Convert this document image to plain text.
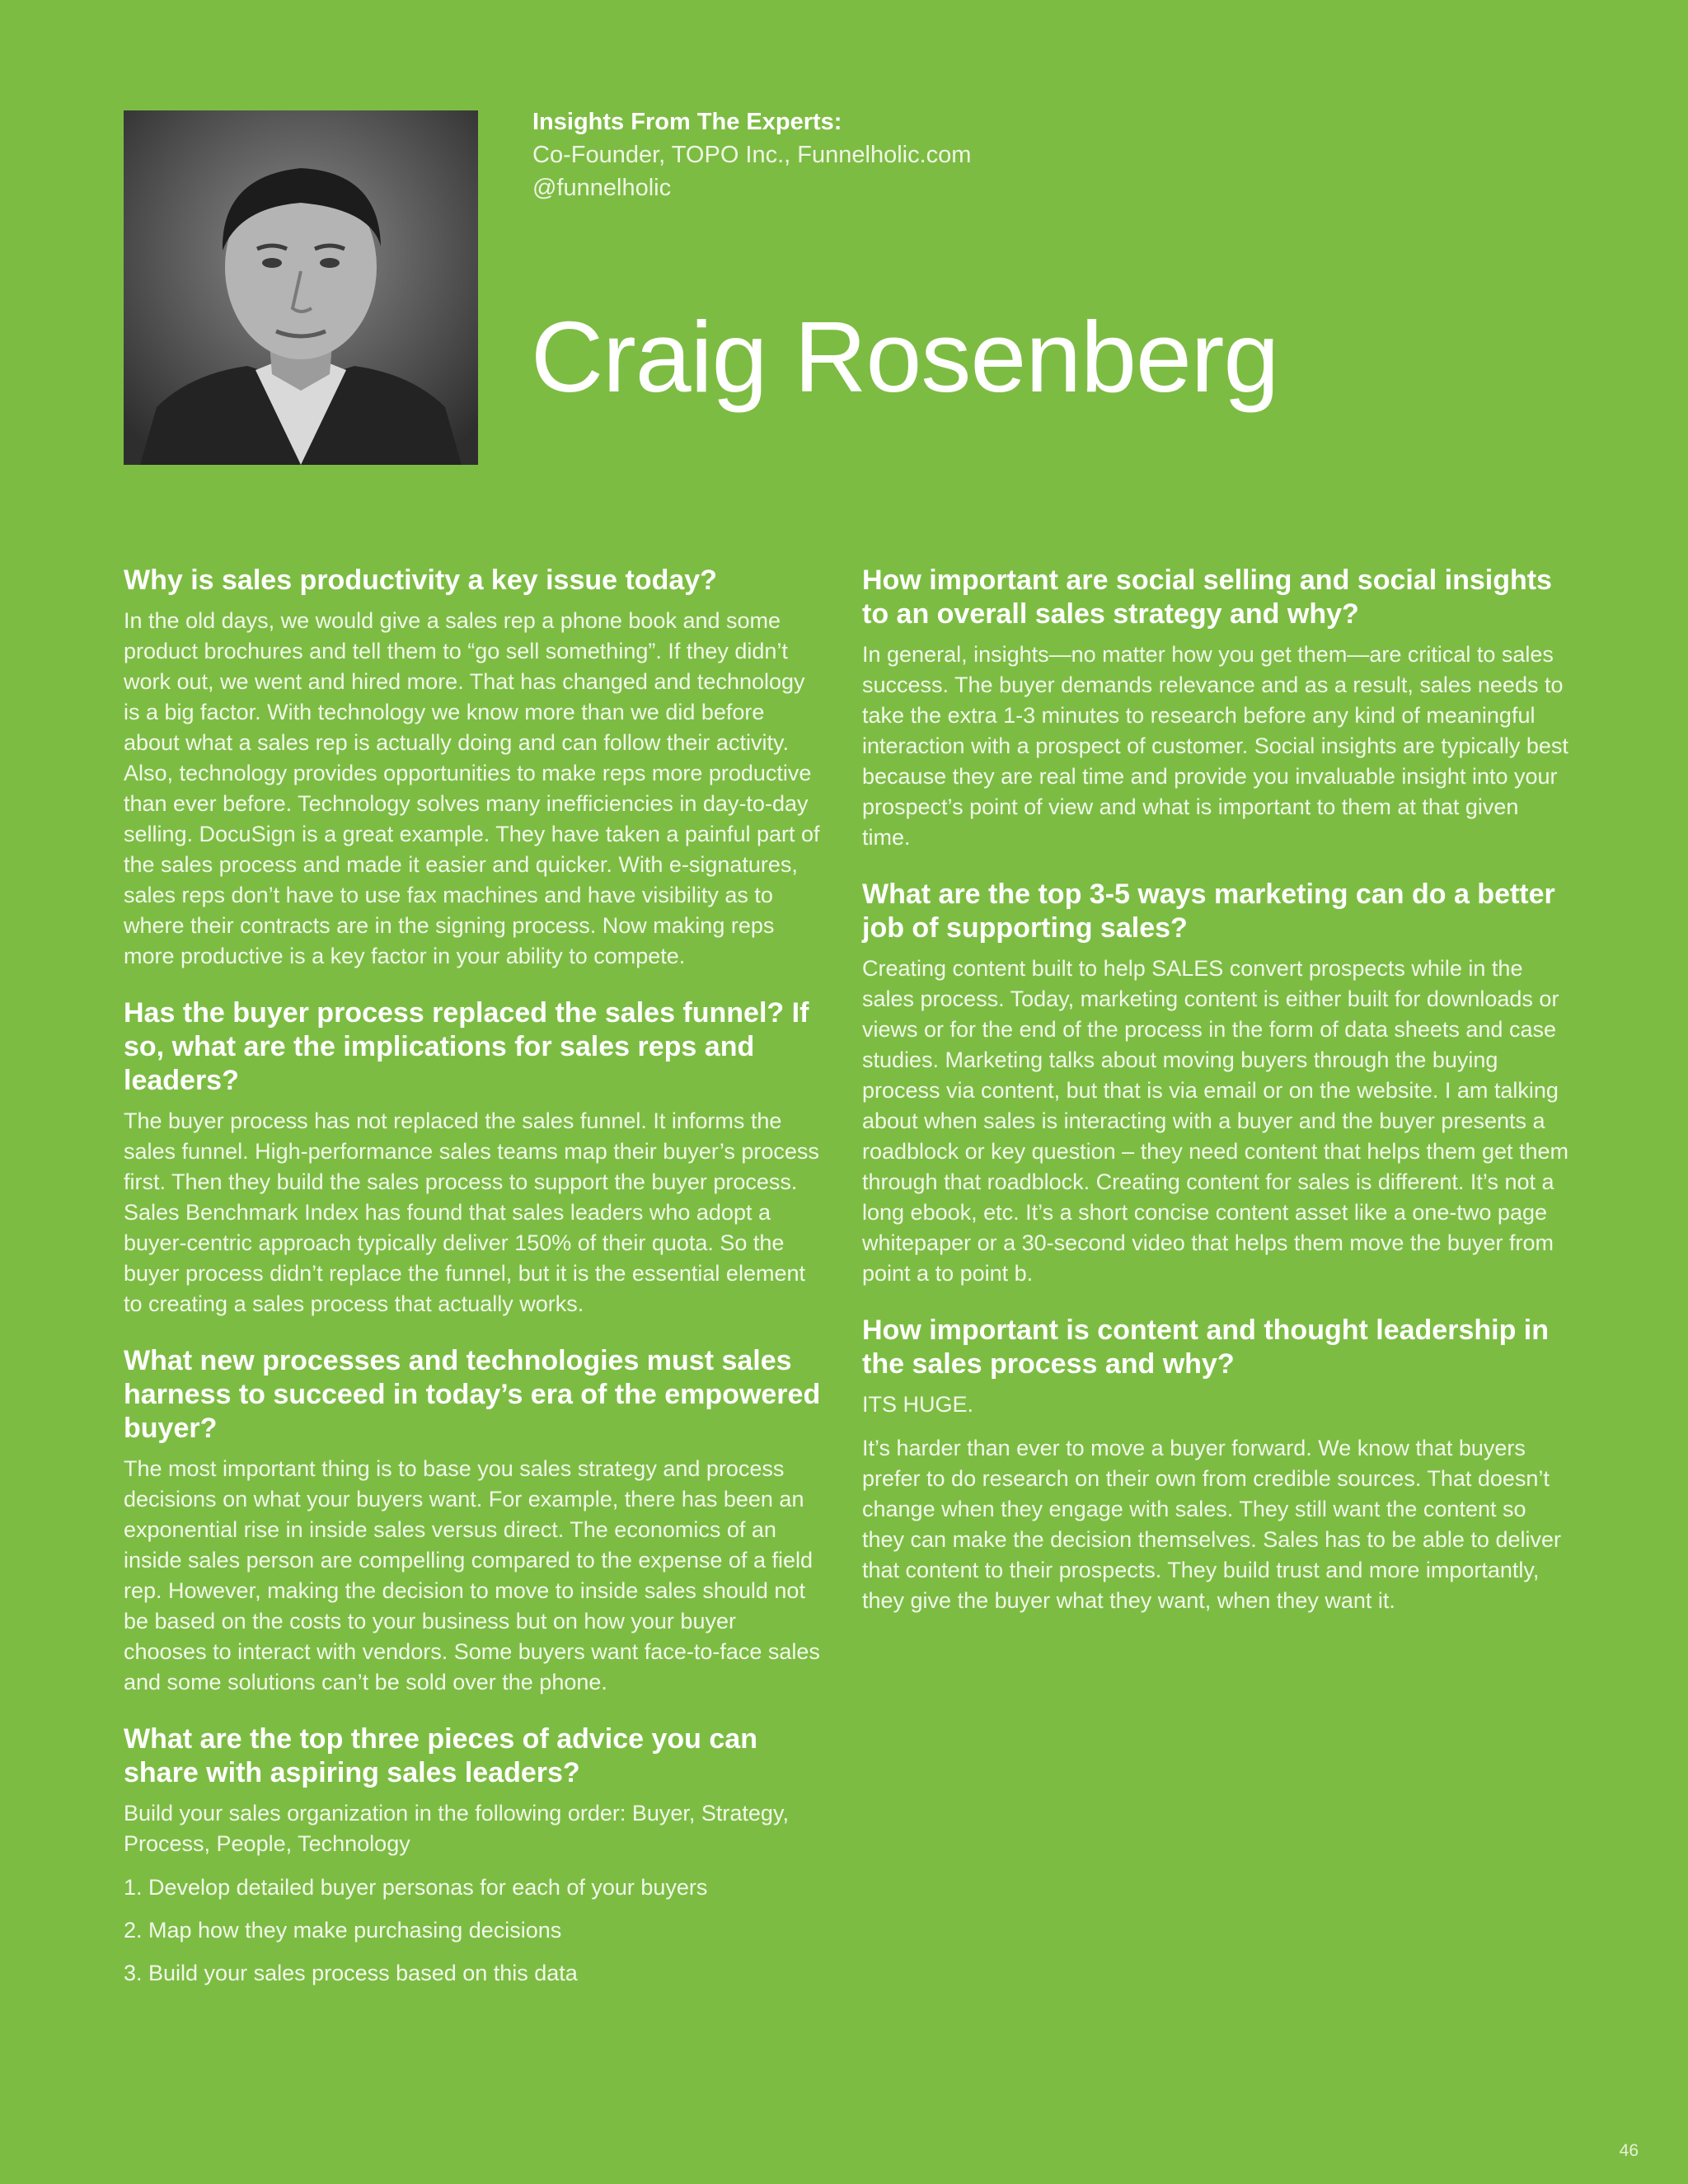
Insights From The Experts:

Co-Founder, TOPO Inc., Funnelholic.com

@funnelholic

Craig Rosenberg
Why is sales productivity a key issue today?

In the old days, we would give a sales rep a phone book and some product brochures and tell them to “go sell something”. If they didn’t work out, we went and hired more. That has changed and technology is a big factor. With technology we know more than we did before about what a sales rep is actually doing and can follow their activity. Also, technology provides opportunities to make reps more productive than ever before. Technology solves many inefficiencies in day-to-day selling. DocuSign is a great example. They have taken a painful part of the sales process and made it easier and quicker. With e-signatures, sales reps don’t have to use fax machines and have visibility as to where their contracts are in the signing process. Now making reps more productive is a key factor in your ability to compete.

Has the buyer process replaced the sales funnel? If so, what are the implications for sales reps and leaders?

The buyer process has not replaced the sales funnel. It informs the sales funnel. High-performance sales teams map their buyer’s process first. Then they build the sales process to support the buyer process. Sales Benchmark Index has found that sales leaders who adopt a buyer-centric approach typically deliver 150% of their quota. So the buyer process didn’t replace the funnel, but it is the essential element to creating a sales process that actually works.

What new processes and technologies must sales harness to succeed in today’s era of the empowered buyer?

The most important thing is to base you sales strategy and process decisions on what your buyers want. For example, there has been an exponential rise in inside sales versus direct. The economics of an inside sales person are compelling compared to the expense of a field rep. However, making the decision to move to inside sales should not be based on the costs to your business but on how your buyer chooses to interact with vendors. Some buyers want face-to-face sales and some solutions can’t be sold over the phone.

What are the top three pieces of advice you can share with aspiring sales leaders?

Build your sales organization in the following order: Buyer, Strategy, Process, People, Technology

1. Develop detailed buyer personas for each of your buyers
2. Map how they make purchasing decisions
3. Build your sales process based on this data
How important are social selling and social insights to an overall sales strategy and why?

In general, insights—no matter how you get them—are critical to sales success. The buyer demands relevance and as a result, sales needs to take the extra 1-3 minutes to research before any kind of meaningful interaction with a prospect of customer. Social insights are typically best because they are real time and provide you invaluable insight into your prospect’s point of view and what is important to them at that given time.

What are the top 3-5 ways marketing can do a better job of supporting sales?

Creating content built to help SALES convert prospects while in the sales process. Today, marketing content is either built for downloads or views or for the end of the process in the form of data sheets and case studies. Marketing talks about moving buyers through the buying process via content, but that is via email or on the website. I am talking about when sales is interacting with a buyer and the buyer presents a roadblock or key question – they need content that helps them get them through that roadblock. Creating content for sales is different. It’s not a long ebook, etc. It’s a short concise content asset like a one-two page whitepaper or a 30-second video that helps them move the buyer from point a to point b.

How important is content and thought leadership in the sales process and why?

ITS HUGE.

It’s harder than ever to move a buyer forward. We know that buyers prefer to do research on their own from credible sources. That doesn’t change when they engage with sales. They still want the content so they can make the decision themselves. Sales has to be able to deliver that content to their prospects. They build trust and more importantly, they give the buyer what they want, when they want it.

46
